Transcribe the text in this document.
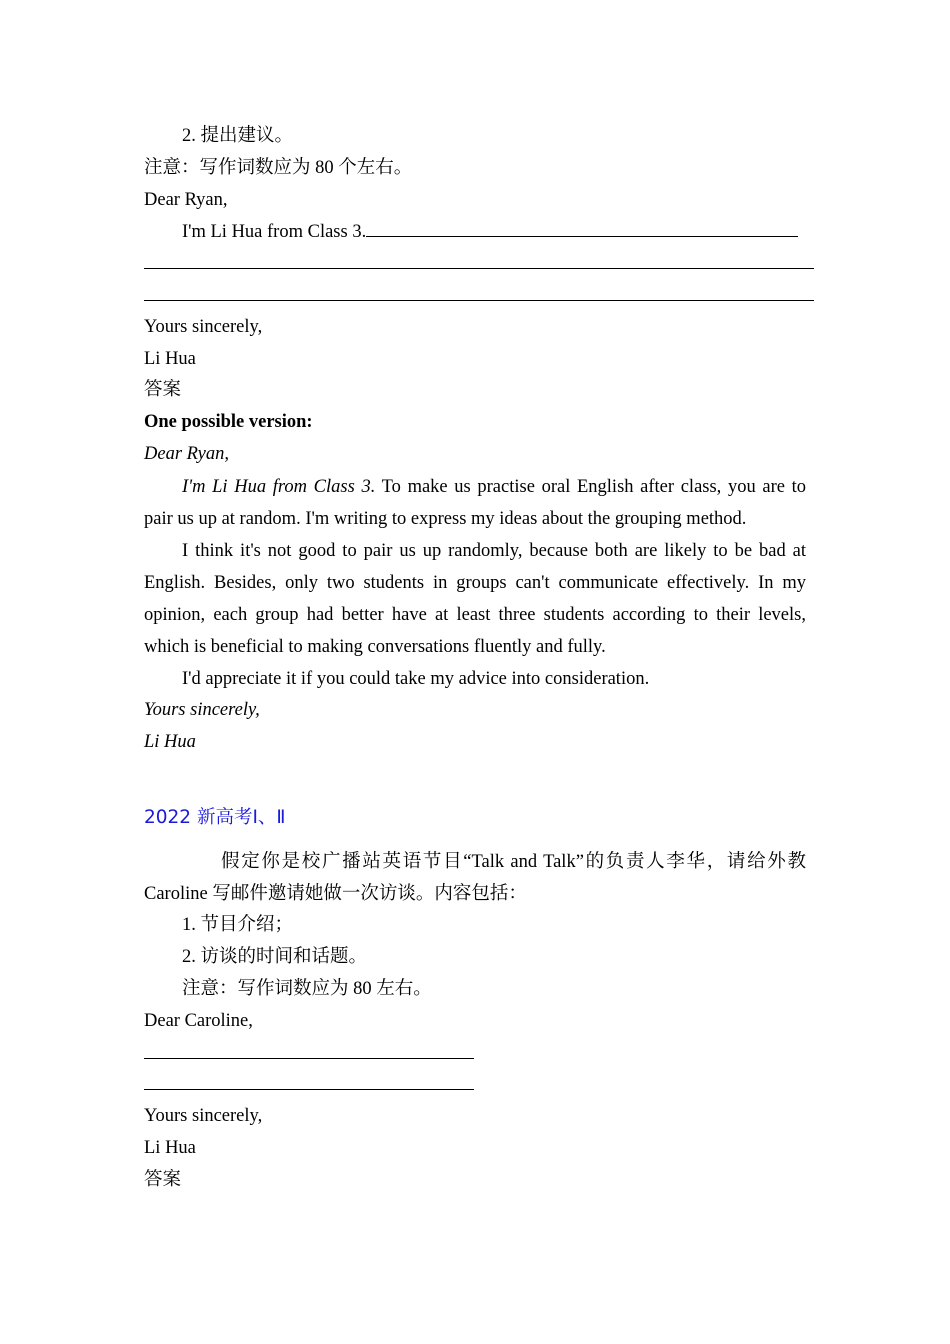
2. 提出建议。
注意：写作词数应为 80 个左右。
Dear Ryan,
I'm Li Hua from Class 3.
Yours sincerely,
Li Hua
答案
One possible version:
Dear Ryan,
I'm Li Hua from Class 3. To make us practise oral English after class, you are to pair us up at random. I'm writing to express my ideas about the grouping method.
I think it's not good to pair us up randomly, because both are likely to be bad at English. Besides, only two students in groups can't communicate effectively. In my opinion, each group had better have at least three students according to their levels, which is beneficial to making conversations fluently and fully.
I'd appreciate it if you could take my advice into consideration.
Yours sincerely,
Li Hua
2022 新高考Ⅰ、Ⅱ
假定你是校广播站英语节目“Talk and Talk”的负责人李华，请给外教 Caroline 写邮件邀请她做一次访谈。内容包括：
1. 节目介绍；
2. 访谈的时间和话题。
注意：写作词数应为 80 左右。
Dear Caroline,
Yours sincerely,
Li Hua
答案
